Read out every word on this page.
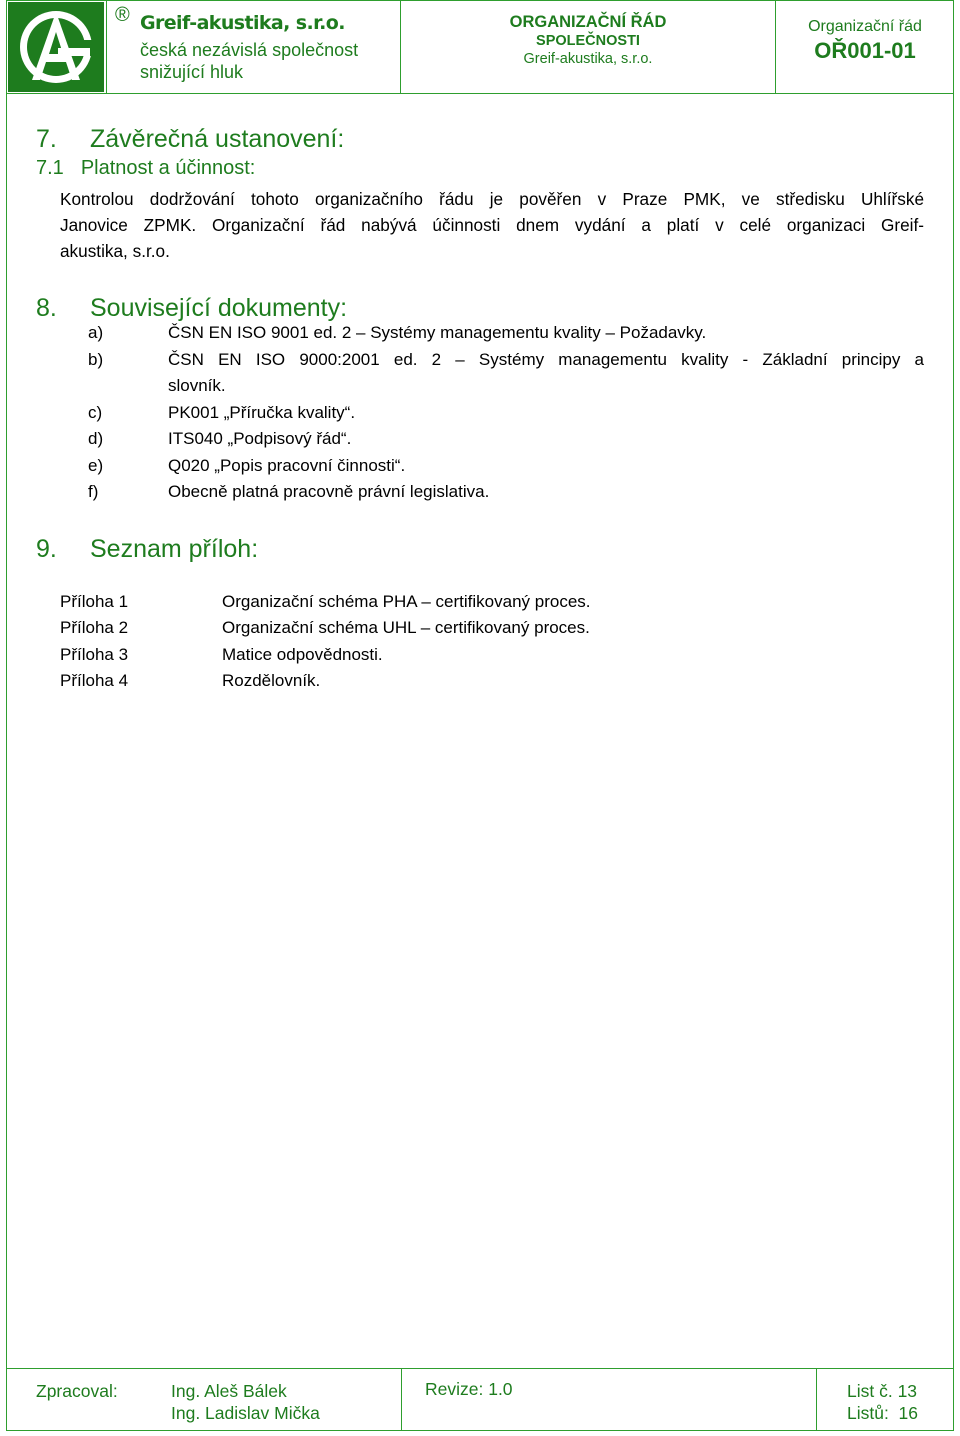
® Greif-akustika, s.r.o.
česká nezávislá společnost
snižující hluk
ORGANIZAČNÍ ŘÁD
SPOLEČNOSTI
Greif-akustika, s.r.o.
Organizační řád
OŘ001-01
7. Závěrečná ustanovení:
7.1 Platnost a účinnost:
Kontrolou dodržování tohoto organizačního řádu je pověřen v Praze PMK, ve středisku Uhlířské
Janovice ZPMK. Organizační řád nabývá účinnosti dnem vydání a platí v celé organizaci Greif-
akustika, s.r.o.
8. Související dokumenty:
a)	ČSN EN ISO 9001 ed. 2 – Systémy managementu kvality – Požadavky.
b)	ČSN EN ISO 9000:2001 ed. 2 – Systémy managementu kvality - Základní principy a
slovník.
c)	PK001 „Příručka kvality“.
d)	ITS040 „Podpisový řád“.
e)	Q020 „Popis pracovní činnosti“.
f)	Obecně platná pracovně právní legislativa.
9. Seznam příloh:
Příloha 1	Organizační schéma PHA – certifikovaný proces.
Příloha 2	Organizační schéma UHL – certifikovaný proces.
Příloha 3	Matice odpovědnosti.
Příloha 4	Rozdělovník.
Zpracoval:	Ing. Aleš Bálek
Ing. Ladislav Mička
Revize: 1.0	List č. 13
Listů:  16
